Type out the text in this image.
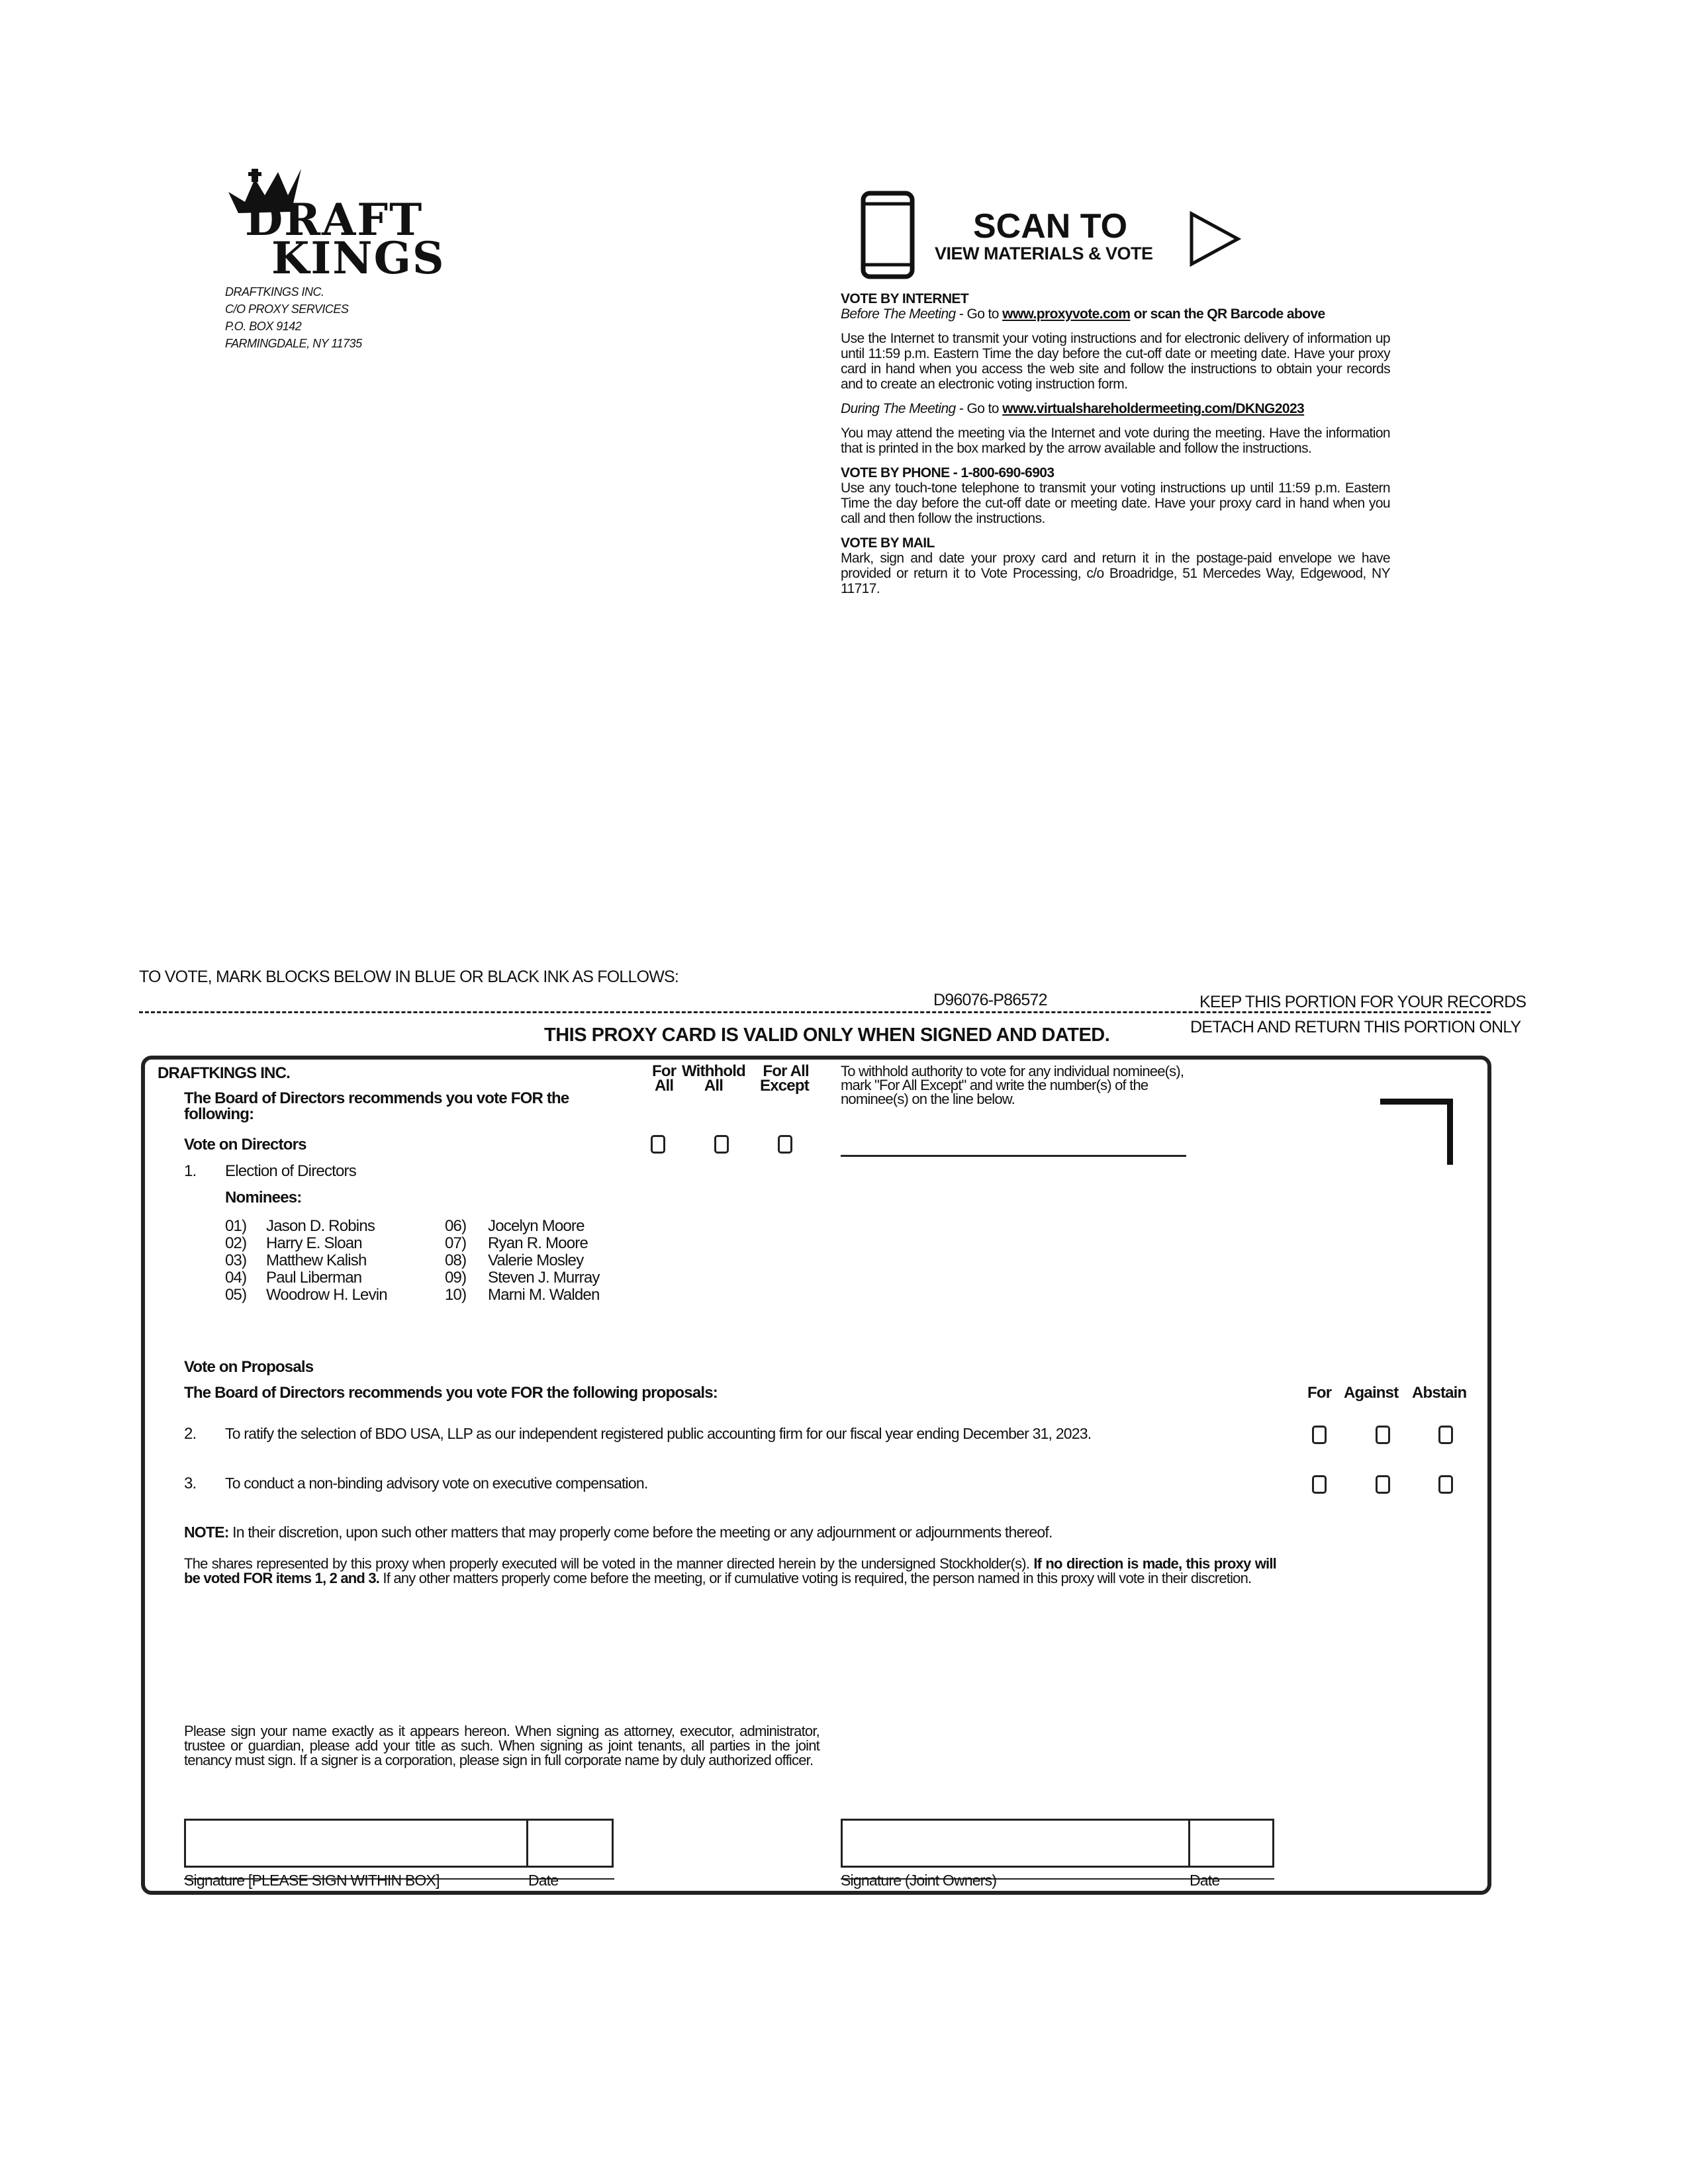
DRAFT
KINGS
DRAFTKINGS INC.
C/O PROXY SERVICES
P.O. BOX 9142
FARMINGDALE, NY 11735
SCAN TO
VIEW MATERIALS & VOTE

VOTE BY INTERNET

Before The Meeting - Go to www.proxyvote.com or scan the QR Barcode above

Use the Internet to transmit your voting instructions and for electronic delivery of information up until 11:59 p.m. Eastern Time the day before the cut-off date or meeting date. Have your proxy card in hand when you access the web site and follow the instructions to obtain your records and to create an electronic voting instruction form.

During The Meeting - Go to www.virtualshareholdermeeting.com/DKNG2023

You may attend the meeting via the Internet and vote during the meeting. Have the information that is printed in the box marked by the arrow available and follow the instructions.

VOTE BY PHONE - 1-800-690-6903

Use any touch-tone telephone to transmit your voting instructions up until 11:59 p.m. Eastern Time the day before the cut-off date or meeting date. Have your proxy card in hand when you call and then follow the instructions.

VOTE BY MAIL

Mark, sign and date your proxy card and return it in the postage-paid envelope we have provided or return it to Vote Processing, c/o Broadridge, 51 Mercedes Way, Edgewood, NY 11717.

TO VOTE, MARK BLOCKS BELOW IN BLUE OR BLACK INK AS FOLLOWS:
D96076-P86572	KEEP THIS PORTION FOR YOUR RECORDS
DETACH AND RETURN THIS PORTION ONLY
THIS PROXY CARD IS VALID ONLY WHEN SIGNED AND DATED.
DRAFTKINGS INC.
The Board of Directors recommends you vote FOR the following:
For
All
Withhold
All
For All
Except
To withhold authority to vote for any individual nominee(s), mark "For All Except" and write the number(s) of the nominee(s) on the line below.
Vote on Directors
1. Election of Directors
Nominees:
01) Jason D. Robins
02) Harry E. Sloan
03) Matthew Kalish
04) Paul Liberman
05) Woodrow H. Levin
06) Jocelyn Moore
07) Ryan R. Moore
08) Valerie Mosley
09) Steven J. Murray
10) Marni M. Walden
Vote on Proposals
The Board of Directors recommends you vote FOR the following proposals:	For Against Abstain
2. To ratify the selection of BDO USA, LLP as our independent registered public accounting firm for our fiscal year ending December 31, 2023.
3. To conduct a non-binding advisory vote on executive compensation.
NOTE: In their discretion, upon such other matters that may properly come before the meeting or any adjournment or adjournments thereof.
The shares represented by this proxy when properly executed will be voted in the manner directed herein by the undersigned Stockholder(s). If no direction is made, this proxy will be voted FOR items 1, 2 and 3. If any other matters properly come before the meeting, or if cumulative voting is required, the person named in this proxy will vote in their discretion.
Please sign your name exactly as it appears hereon. When signing as attorney, executor, administrator, trustee or guardian, please add your title as such. When signing as joint tenants, all parties in the joint tenancy must sign. If a signer is a corporation, please sign in full corporate name by duly authorized officer.
Signature [PLEASE SIGN WITHIN BOX]	Date	Signature (Joint Owners)	Date
